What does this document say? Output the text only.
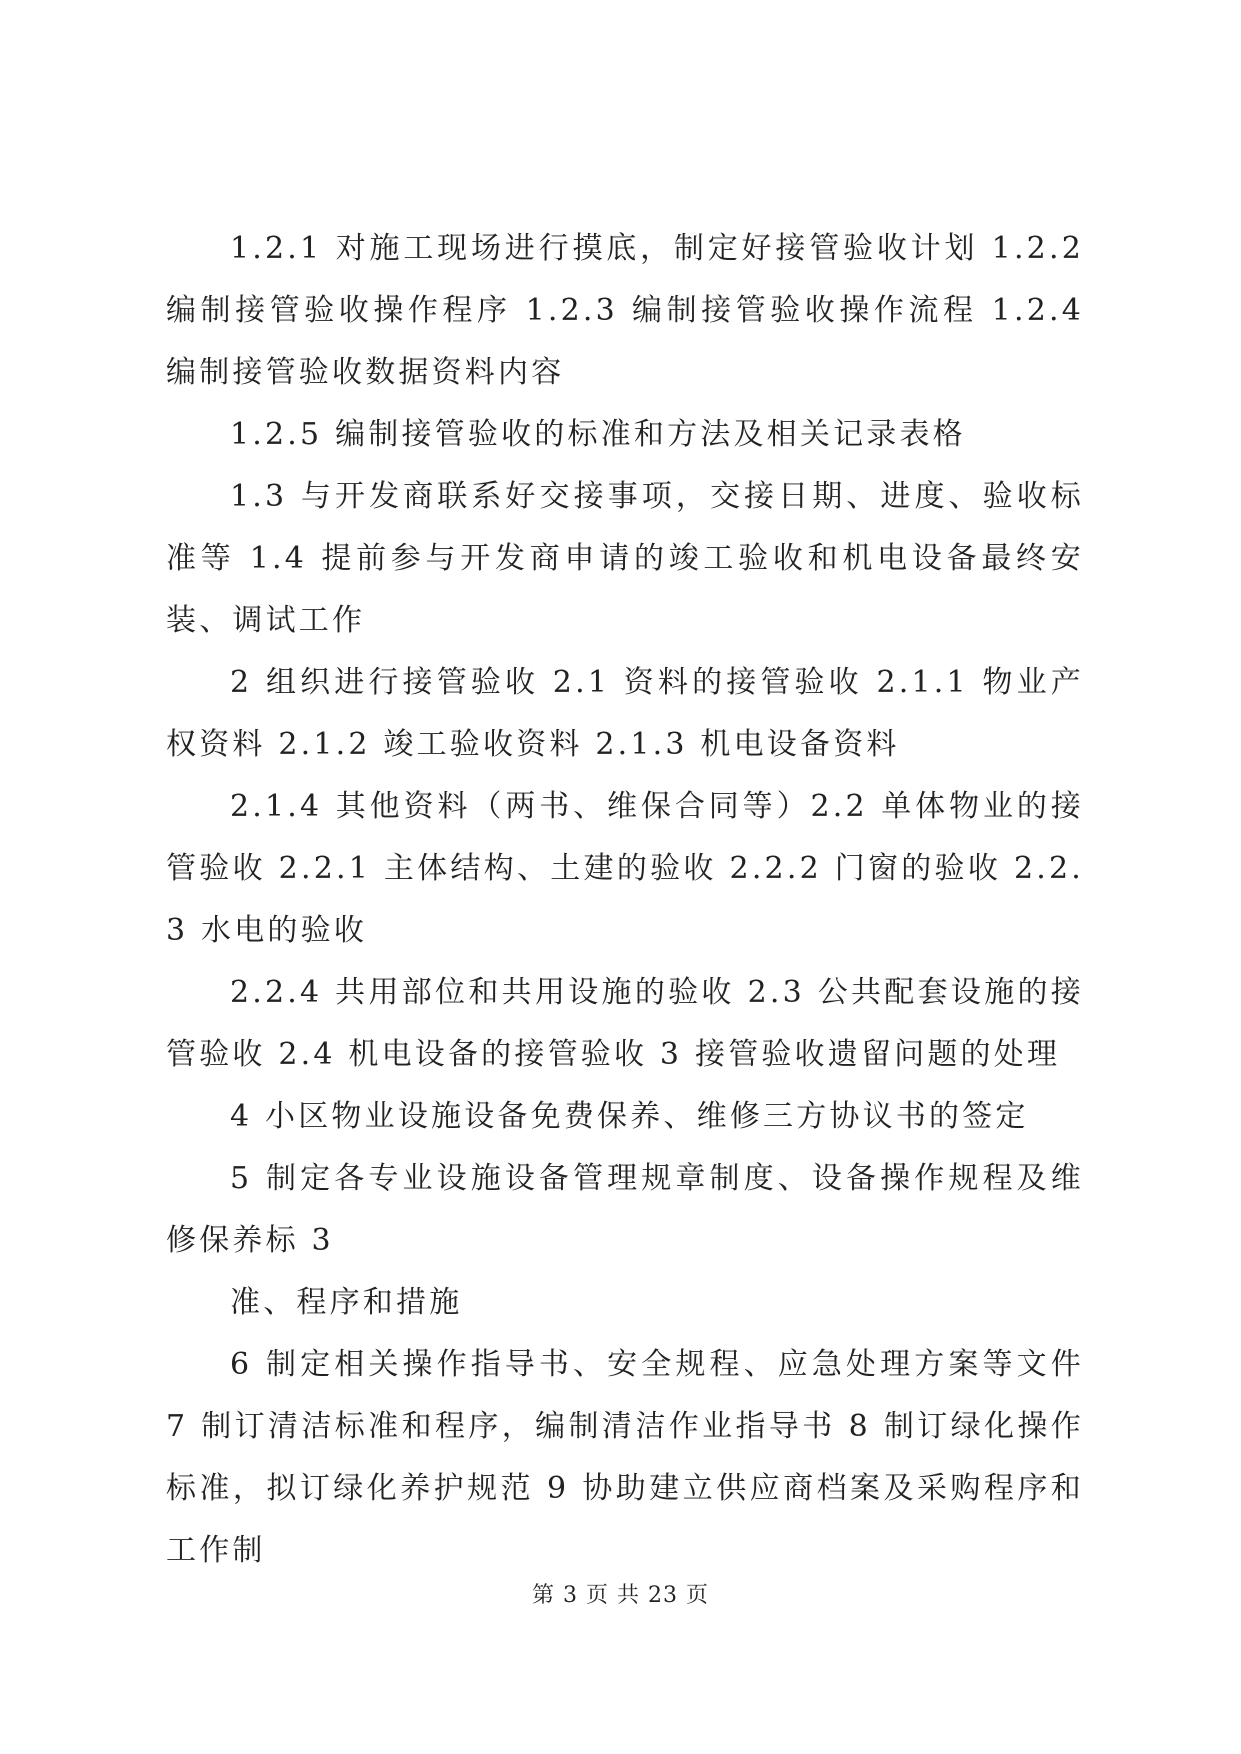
1.2.1 对施工现场进行摸底，制定好接管验收计划 1.2.2 编制接管验收操作程序 1.2.3 编制接管验收操作流程 1.2.4 编制接管验收数据资料内容

1.2.5 编制接管验收的标准和方法及相关记录表格

1.3 与开发商联系好交接事项，交接日期、进度、验收标准等 1.4 提前参与开发商申请的竣工验收和机电设备最终安装、调试工作

2 组织进行接管验收 2.1 资料的接管验收 2.1.1 物业产权资料 2.1.2 竣工验收资料 2.1.3 机电设备资料

2.1.4 其他资料（两书、维保合同等）2.2 单体物业的接管验收 2.2.1 主体结构、土建的验收 2.2.2 门窗的验收 2.2.3 水电的验收

2.2.4 共用部位和共用设施的验收 2.3 公共配套设施的接管验收 2.4 机电设备的接管验收 3 接管验收遗留问题的处理

4 小区物业设施设备免费保养、维修三方协议书的签定

5 制定各专业设施设备管理规章制度、设备操作规程及维修保养标 3

准、程序和措施

6 制定相关操作指导书、安全规程、应急处理方案等文件 7 制订清洁标准和程序，编制清洁作业指导书 8 制订绿化操作标准，拟订绿化养护规范 9 协助建立供应商档案及采购程序和工作制

第 3 页 共 23 页
